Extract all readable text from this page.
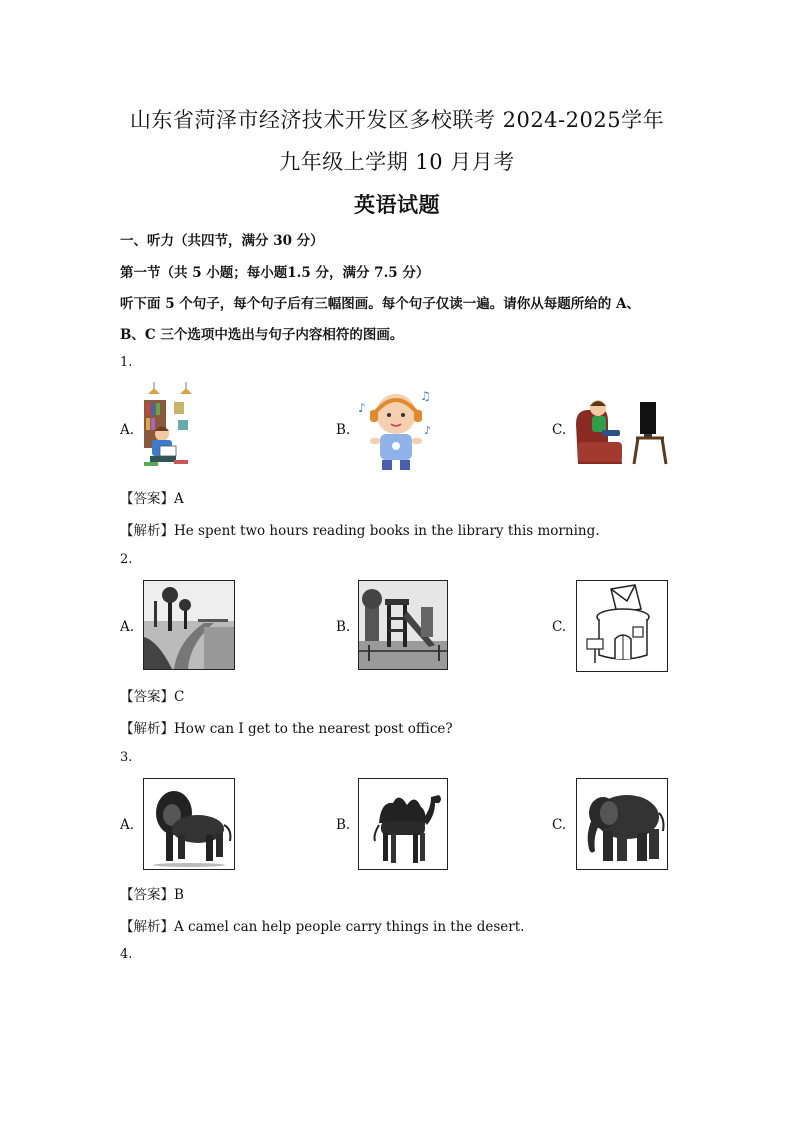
山东省菏泽市经济技术开发区多校联考 2024-2025学年
九年级上学期 10 月月考
英语试题
一、听力（共四节，满分 30 分）
第一节（共 5 小题；每小题1.5 分，满分 7.5 分）
听下面 5 个句子，每个句子后有三幅图画。每个句子仅读一遍。请你从每题所给的 A、
B、C 三个选项中选出与句子内容相符的图画。
1.
A.	B.
♪
♫
♪	C.
【答案】A
【解析】He spent two hours reading books in the library this morning.
2.
A.	B.	C.
【答案】C
【解析】How can I get to the nearest post office?
3.
A.	B.	C.
【答案】B
【解析】A camel can help people carry things in the desert.
4.
